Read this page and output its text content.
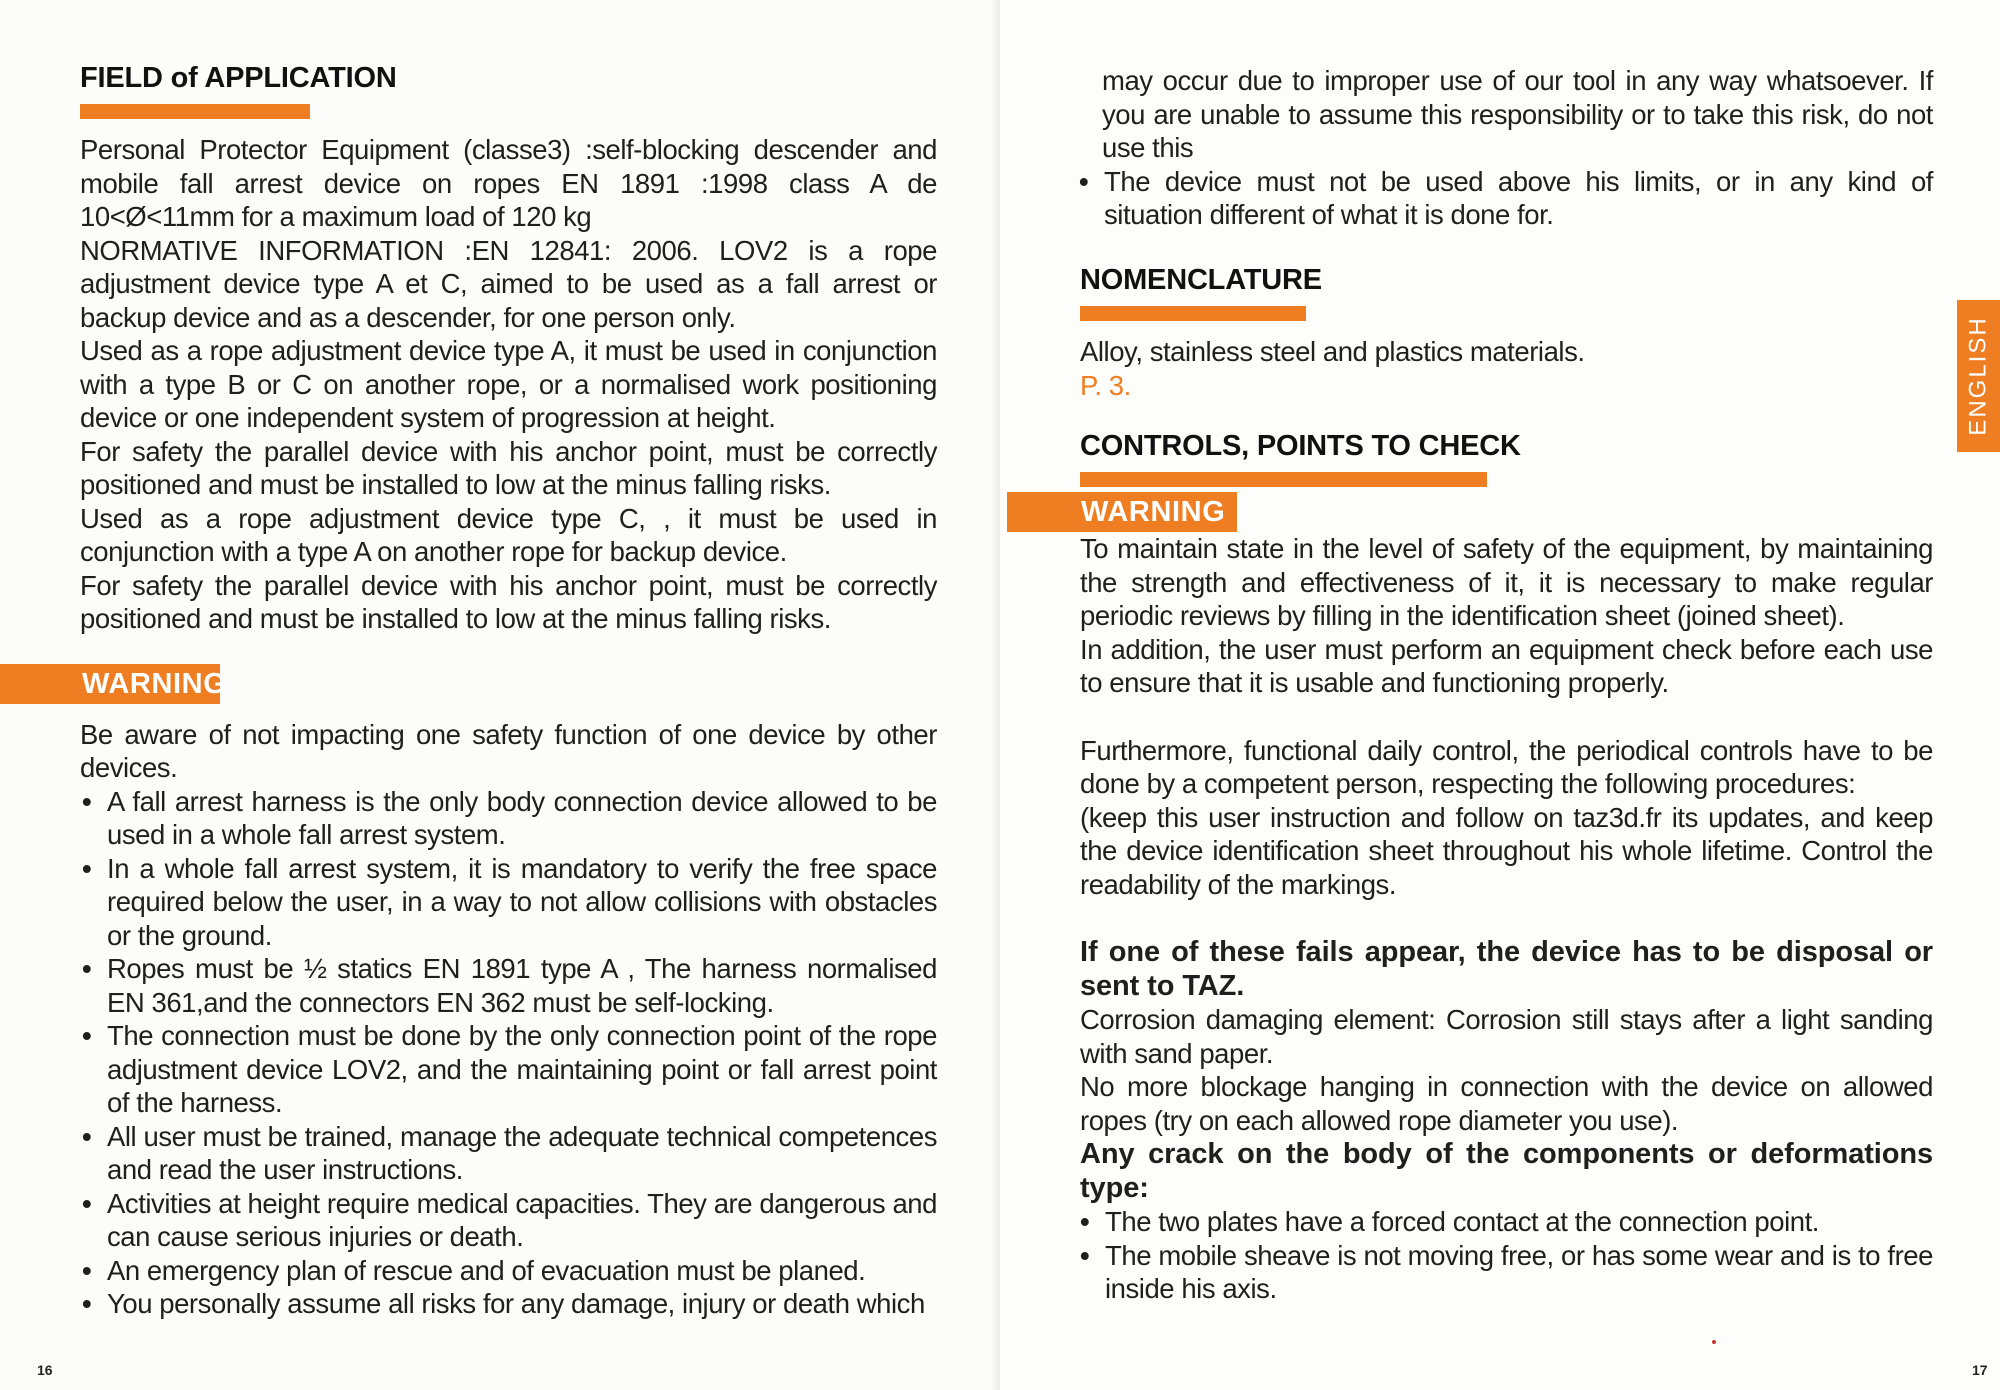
FIELD of APPLICATION

Personal Protector Equipment (classe3) :self-blocking descender and mobile fall arrest device on ropes EN 1891 :1998 class A de 10<Ø<11mm for a maximum load of 120 kg

NORMATIVE INFORMATION :EN 12841: 2006. LOV2 is a rope adjustment device type A et C, aimed to be used as a fall arrest or backup device and as a descender, for one person only.

Used as a rope adjustment device type A, it must be used in conjunction with a type B or C on another rope, or a normalised work positioning device or one independent system of progression at height.

For safety the parallel device with his anchor point, must be correctly positioned and must be installed to low at the minus falling risks.

Used as a rope adjustment device type C, , it must be used in conjunction with a type A on another rope for backup device.

For safety the parallel device with his anchor point, must be correctly positioned and must be installed to low at the minus falling risks.

Be aware of not impacting one safety function of one device by other devices.

• A fall arrest harness is the only body connection device allowed to be used in a whole fall arrest system.
• In a whole fall arrest system, it is mandatory to verify the free space required below the user, in a way to not allow collisions with obstacles or the ground.
• Ropes must be ½ statics EN 1891 type A , The harness normalised EN 361,and the connectors EN 362 must be self-locking.
• The connection must be done by the only connection point of the rope adjustment device LOV2, and the maintaining point or fall arrest point of the harness.
• All user must be trained, manage the adequate technical competences and read the user instructions.
• Activities at height require medical capacities. They are dangerous and can cause serious injuries or death.
• An emergency plan of rescue and of evacuation must be planed.
• You personally assume all risks for any damage, injury or death which
WARNING
16

may occur due to improper use of our tool in any way whatsoever. If you are unable to assume this responsibility or to take this risk, do not use this

• The device must not be used above his limits, or in any kind of situation different of what it is done for.
NOMENCLATURE

Alloy, stainless steel and plastics materials.

P. 3.

CONTROLS, POINTS TO CHECK
WARNING

To maintain state in the level of safety of the equipment, by maintaining the strength and effectiveness of it, it is necessary to make regular periodic reviews by filling in the identification sheet (joined sheet).

In addition, the user must perform an equipment check before each use to ensure that it is usable and functioning properly.

Furthermore, functional daily control, the periodical controls have to be done by a competent person, respecting the following procedures:

(keep this user instruction and follow on taz3d.fr its updates, and keep the device identification sheet throughout his whole lifetime. Control the readability of the markings.

If one of these fails appear, the device has to be disposal or sent to TAZ.

Corrosion damaging element: Corrosion still stays after a light sanding with sand paper.

No more blockage hanging in connection with the device on allowed ropes (try on each allowed rope diameter you use).

Any crack on the body of the components or deformations type:

• The two plates have a forced contact at the connection point.
• The mobile sheave is not moving free, or has some wear and is to free inside his axis.
17
ENGLISH
